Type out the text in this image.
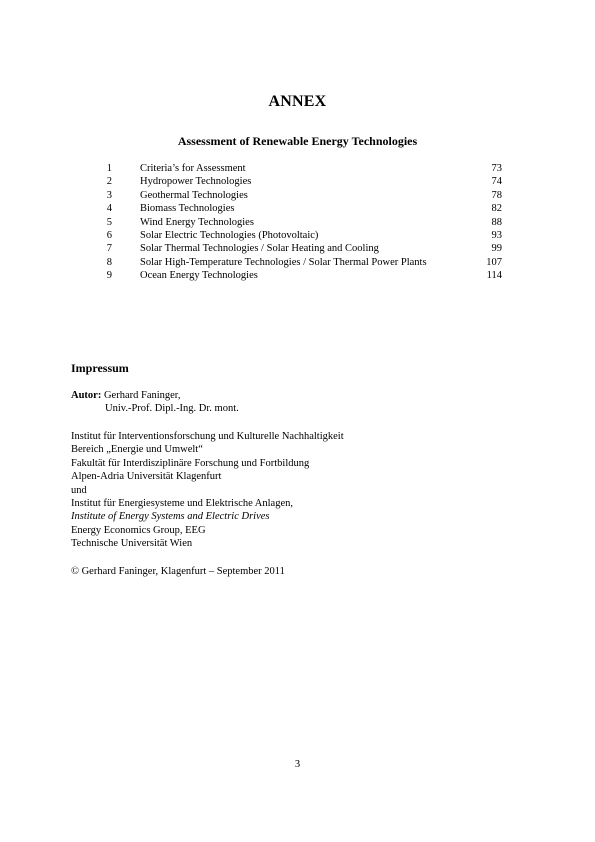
ANNEX
Assessment of Renewable Energy Technologies
1	Criteria’s for Assessment	73
2	Hydropower Technologies	74
3	Geothermal Technologies	78
4	Biomass Technologies	82
5	Wind Energy Technologies	88
6	Solar Electric Technologies (Photovoltaic)	93
7	Solar Thermal Technologies / Solar Heating and Cooling	99
8	Solar High-Temperature Technologies / Solar Thermal Power Plants	107
9	Ocean Energy Technologies	114
Impressum
Autor: Gerhard Faninger,
Univ.-Prof. Dipl.-Ing. Dr. mont.
Institut für Interventionsforschung und Kulturelle Nachhaltigkeit
Bereich „Energie und Umwelt“
Fakultät für Interdisziplinäre Forschung und Fortbildung
Alpen-Adria Universität Klagenfurt
und
Institut für Energiesysteme und Elektrische Anlagen,
Institute of Energy Systems and Electric Drives
Energy Economics Group, EEG
Technische Universität Wien
© Gerhard Faninger, Klagenfurt – September 2011
3
